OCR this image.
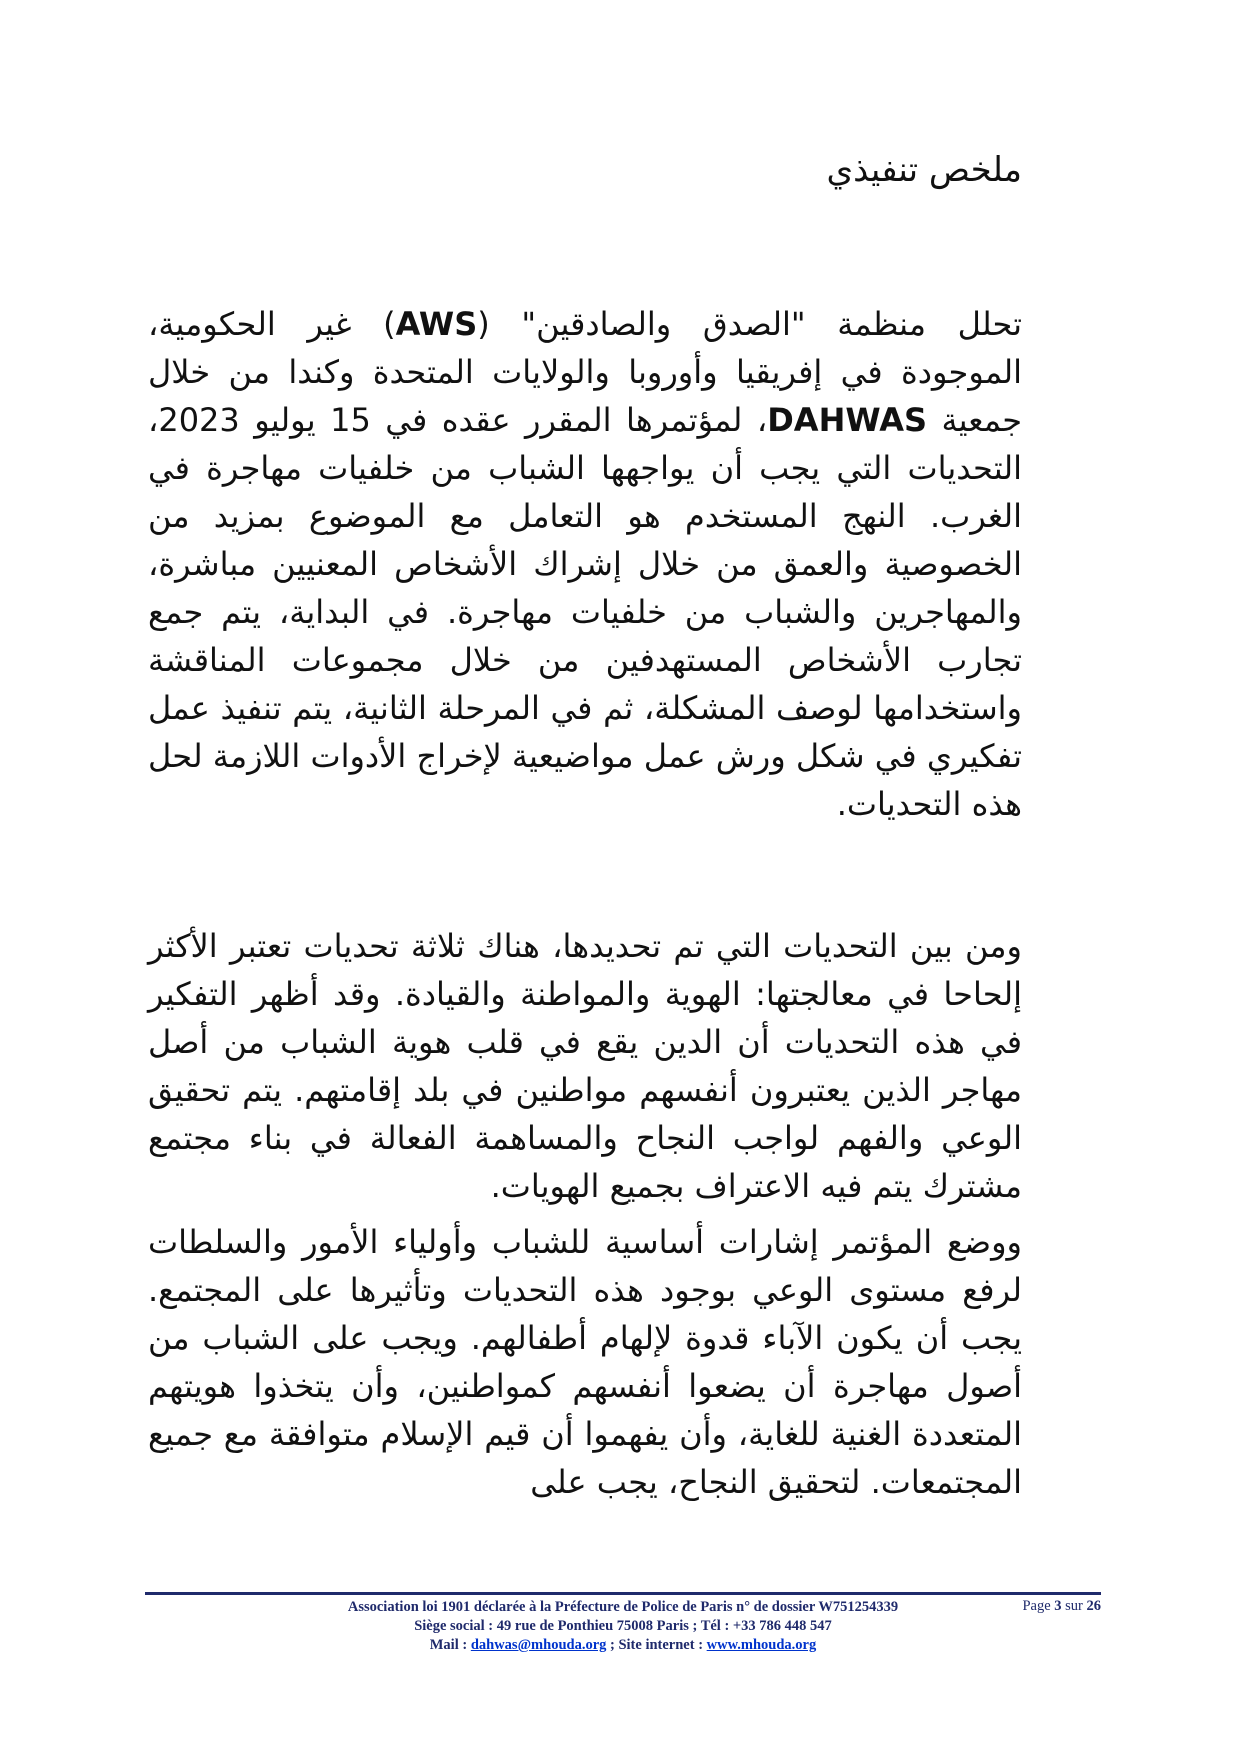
ملخص تنفيذي

تحلل منظمة "الصدق والصادقين" (AWS) غير الحكومية، الموجودة في إفريقيا وأوروبا والولايات المتحدة وكندا من خلال جمعية DAHWAS، لمؤتمرها المقرر عقده في 15 يوليو 2023، التحديات التي يجب أن يواجهها الشباب من خلفيات مهاجرة في الغرب. النهج المستخدم هو التعامل مع الموضوع بمزيد من الخصوصية والعمق من خلال إشراك الأشخاص المعنيين مباشرة، والمهاجرين والشباب من خلفيات مهاجرة. في البداية، يتم جمع تجارب الأشخاص المستهدفين من خلال مجموعات المناقشة واستخدامها لوصف المشكلة، ثم في المرحلة الثانية، يتم تنفيذ عمل تفكيري في شكل ورش عمل مواضيعية لإخراج الأدوات اللازمة لحل هذه التحديات.

ومن بين التحديات التي تم تحديدها، هناك ثلاثة تحديات تعتبر الأكثر إلحاحا في معالجتها: الهوية والمواطنة والقيادة. وقد أظهر التفكير في هذه التحديات أن الدين يقع في قلب هوية الشباب من أصل مهاجر الذين يعتبرون أنفسهم مواطنين في بلد إقامتهم. يتم تحقيق الوعي والفهم لواجب النجاح والمساهمة الفعالة في بناء مجتمع مشترك يتم فيه الاعتراف بجميع الهويات.

ووضع المؤتمر إشارات أساسية للشباب وأولياء الأمور والسلطات لرفع مستوى الوعي بوجود هذه التحديات وتأثيرها على المجتمع. يجب أن يكون الآباء قدوة لإلهام أطفالهم. ويجب على الشباب من أصول مهاجرة أن يضعوا أنفسهم كمواطنين، وأن يتخذوا هويتهم المتعددة الغنية للغاية، وأن يفهموا أن قيم الإسلام متوافقة مع جميع المجتمعات. لتحقيق النجاح، يجب على

Association loi 1901 déclarée à la Préfecture de Police de Paris n° de dossier W751254339
Siège social : 49 rue de Ponthieu 75008 Paris ; Tél : +33 786 448 547
Mail : dahwas@mhouda.org ; Site internet : www.mhouda.org
Page 3 sur 26
